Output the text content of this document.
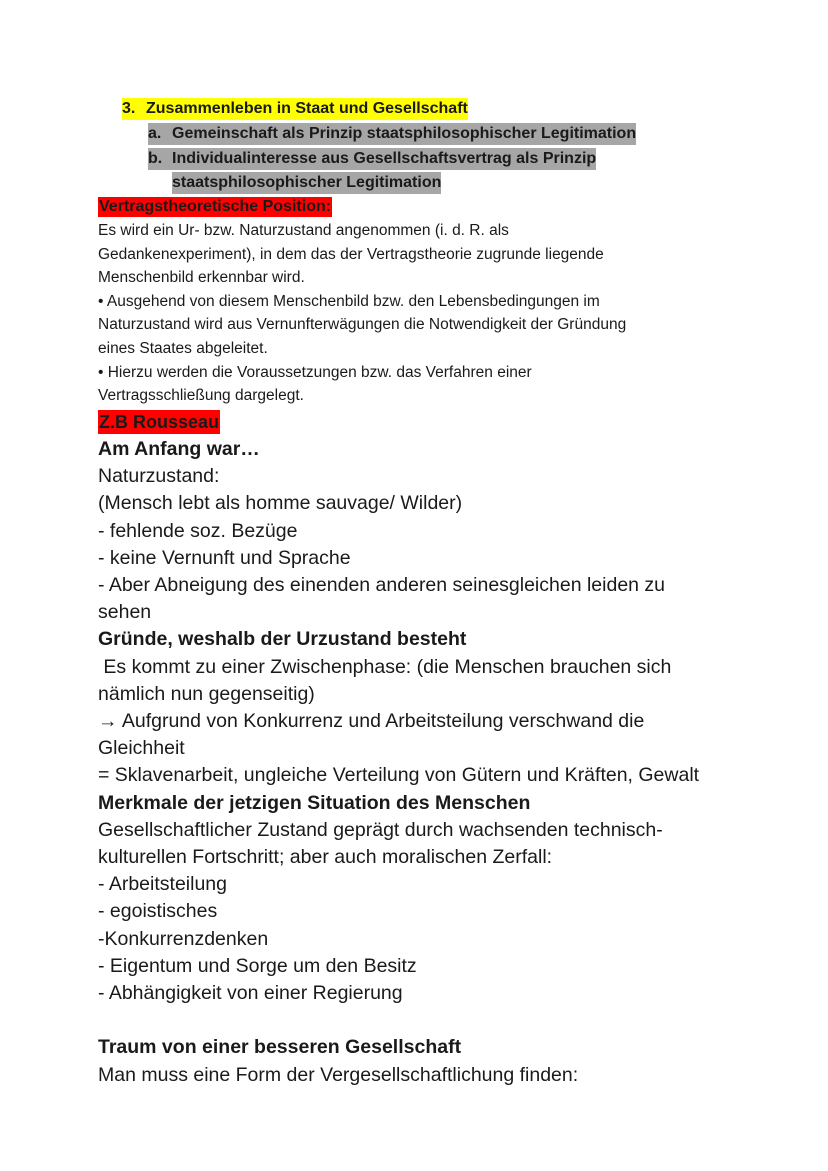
3. Zusammenleben in Staat und Gesellschaft
a. Gemeinschaft als Prinzip staatsphilosophischer Legitimation
b. Individualinteresse aus Gesellschaftsvertrag als Prinzip
staatsphilosophischer Legitimation
Vertragstheoretische Position:

Es wird ein Ur- bzw. Naturzustand angenommen (i. d. R. als

Gedankenexperiment), in dem das der Vertragstheorie zugrunde liegende

Menschenbild erkennbar wird.

• Ausgehend von diesem Menschenbild bzw. den Lebensbedingungen im

Naturzustand wird aus Vernunfterwägungen die Notwendigkeit der Gründung

eines Staates abgeleitet.

• Hierzu werden die Voraussetzungen bzw. das Verfahren einer

Vertragsschließung dargelegt.

Z.B Rousseau

Am Anfang war…

Naturzustand:

(Mensch lebt als homme sauvage/ Wilder)

- fehlende soz. Bezüge

- keine Vernunft und Sprache

- Aber Abneigung des einenden anderen seinesgleichen leiden zu

sehen

Gründe, weshalb der Urzustand besteht

Es kommt zu einer Zwischenphase: (die Menschen brauchen sich

nämlich nun gegenseitig)

→ Aufgrund von Konkurrenz und Arbeitsteilung verschwand die

Gleichheit

= Sklavenarbeit, ungleiche Verteilung von Gütern und Kräften, Gewalt

Merkmale der jetzigen Situation des Menschen

Gesellschaftlicher Zustand geprägt durch wachsenden technisch-

kulturellen Fortschritt; aber auch moralischen Zerfall:

- Arbeitsteilung

- egoistisches

-Konkurrenzdenken

- Eigentum und Sorge um den Besitz

- Abhängigkeit von einer Regierung

Traum von einer besseren Gesellschaft

Man muss eine Form der Vergesellschaftlichung finden:
